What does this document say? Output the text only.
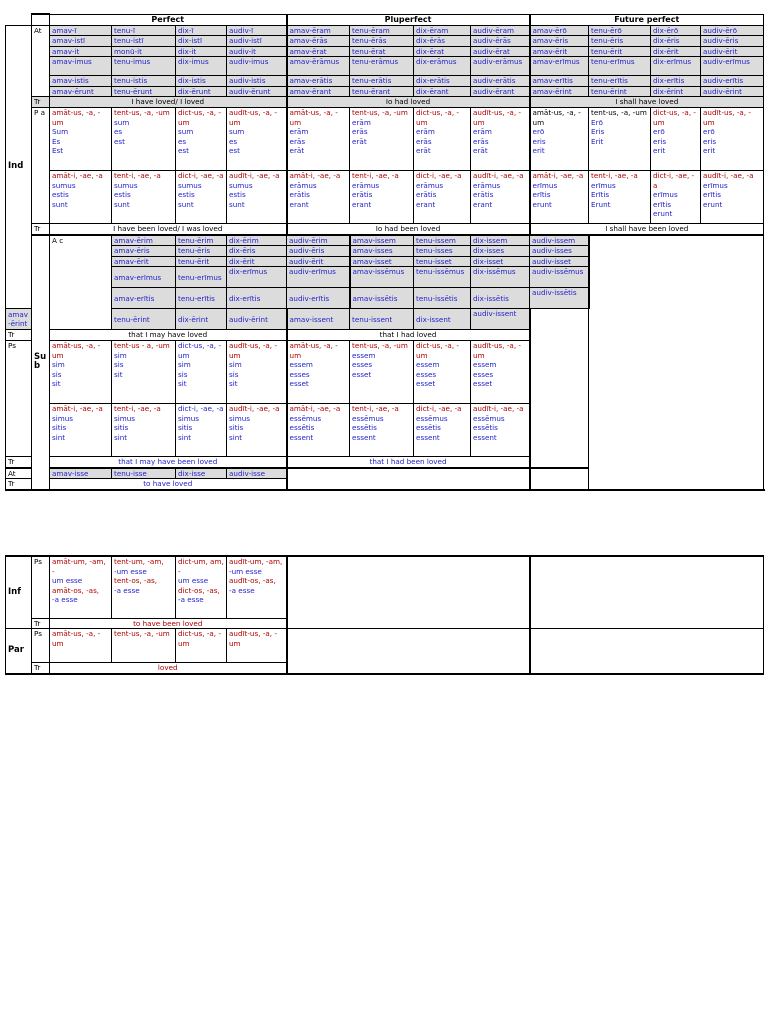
		Perfect				Pluperfect				Future perfect			
Ind	At	amav-ī	tenu-ī	dix-ī	audiv-ī	amav-ēram	tenu-ēram	dix-ēram	audiv-ēram	amav-ērō	tenu-ērō	dix-ērō	audiv-ērō
		amav-istī	tenu-istī	dix-istī	audiv-istī	amav-ērās	tenu-ērās	dix-ērās	audiv-ērās	amav-ēris	tenu-ēris	dix-ēris	audiv-ēris
		amav-it	monū-it	dix-it	audiv-it	amav-ērat	tenu-ērat	dix-ērat	audiv-ērat	amav-ērit	tenu-ērit	dix-ērit	audiv-ērit
		amav-imus	tenu-imus	dix-imus	audiv-imus	amav-ērāmus	tenu-erāmus	dix-erāmus	audiv-erāmus	amav-erīmus	tenu-erīmus	dix-erīmus	audiv-erīmus
		amav-istis	tenu-istis	dix-istis	audiv-istis	amav-erātis	tenu-erātis	dix-erātis	audiv-erātis	amav-erītis	tenu-erītis	dix-erītis	audiv-erītis
		amav-ērunt	tenu-ērunt	dix-ērunt	audiv-ērunt	amav-ērant	tenu-ērant	dix-ērant	audiv-ērant	amav-ērint	tenu-ērint	dix-ērint	audiv-ērint
	Tr	I have loved/ I loved				Io had loved				I shall have loved			
	P a	amāt-us, -a, -um
Sum
Es
Est	tent-us, -a, -um
sum
es
est	dict-us, -a, -um
sum
es
est	audīt-us, -a, -um
sum
es
est	amāt-us, -a, -um
erām
erās
erāt	tent-us, -a, -um
erām
erās
erāt	dict-us, -a, -um
erām
erās
erāt	audīt-us, -a, -um
erām
erās
erāt	amāt-us, -a, -um
erō
eris
erit	tent-us, -a, -um
Erō
Eris
Erit	dict-us, -a, -um
erō
eris
erit	audīt-us, -a, -um
erō
eris
erit

		amāt-i, -ae, -a
sumus
estis
sunt	tent-i, -ae, -a
sumus
estis
sunt	dict-i, -ae, -a
sumus
estis
sunt	audīt-i, -ae, -a
sumus
estis
sunt	amāt-i, -ae, -a
erāmus
erātis
erant	tent-i, -ae, -a
erāmus
erātis
erant	dict-i, -ae, -a
erāmus
erātis
erant	audīt-i, -ae, -a
erāmus
erātis
erant	amāt-i, -ae, -a
erīmus
erītis
erunt	tent-i, -ae, -a
erīmus
Erītis
Erunt	dict-i, -ae, -a
erīmus
erītis
erunt	audīt-i, -ae, -a
erīmus
erītis
erunt

	Tr	I have been loved/ I was loved				Io had been loved				I shall have been loved			
	Su b	A c	amav-ērim	tenu-ērim	dix-ērim	audiv-ērim	amav-issem	tenu-issem	dix-issem	audiv-issem			
			amav-ēris	tenu-ēris	dix-ēris	audiv-ēris	amav-isses	tenu-isses	dix-isses	audiv-isses			
			amav-ērit	tenu-ērit	dix-ērit	audiv-ērit	amav-isset	tenu-isset	dix-isset	audiv-isset			
			amav-erīmus	tenu-erīmus	dix-erīmus	audiv-erīmus	amav-issēmus	tenu-issēmus	dix-issēmus	audiv-issēmus			
			amav-erītis	tenu-erītis	dix-erītis	audiv-erītis	amav-issētis	tenu-issētis	dix-issētis	audiv-issētis			
amav-ērint			tenu-ērint	dix-ērint	audiv-ērint	amav-issent	tenu-issent	dix-issent	audiv-issent				
Tr		that I may have loved				that I had loved							
Ps		amāt-us, -a, -um
sim
sis
sit	tent-us - a, -um
sim
sis
sit	dict-us, -a, -um
sim
sis
sit	audīt-us, -a, -um
sim
sis
sit	amāt-us, -a, -um
essem
esses
esset	tent-us, -a, -um
essem
esses
esset	dict-us, -a, -um
essem
esses
esset	audīt-us, -a, -um
essem
esses
esset				

		amāt-i, -ae, -a
simus
sitis
sint	tent-i, -ae, -a
simus
sitis
sint	dict-i, -ae, -a
simus
sitis
sint	audīt-i, -ae, -a
simus
sitis
sint	amāt-i, -ae, -a
essēmus
essētis
essent	tent-i, -ae, -a
essēmus
essētis
essent	dict-i, -ae, -a
essēmus
essētis
essent	audīt-i, -ae, -a
essēmus
essētis
essent				

Tr		that I may have been loved				that I had been loved							
At		amav-isse	tenu-isse	dix-isse	audiv-isse								
Tr		to have loved											
Inf	Ps	amāt-um, -am, -
um esse
amāt-os, -as,
-a esse	tent-um, -am,
-um esse
tent-os, -as,
-a esse	dict-um, am, -
um esse
dict-os, -as,
-a esse	audīt-um, -am,
-um esse
audīt-os, -as,
-a esse		

	Tr	to have been loved					
Par	Ps	amāt-us, -a, -um	tent-us, -a, -um	dict-us, -a, -um	audīt-us, -a, -um		

	Tr	loved					
